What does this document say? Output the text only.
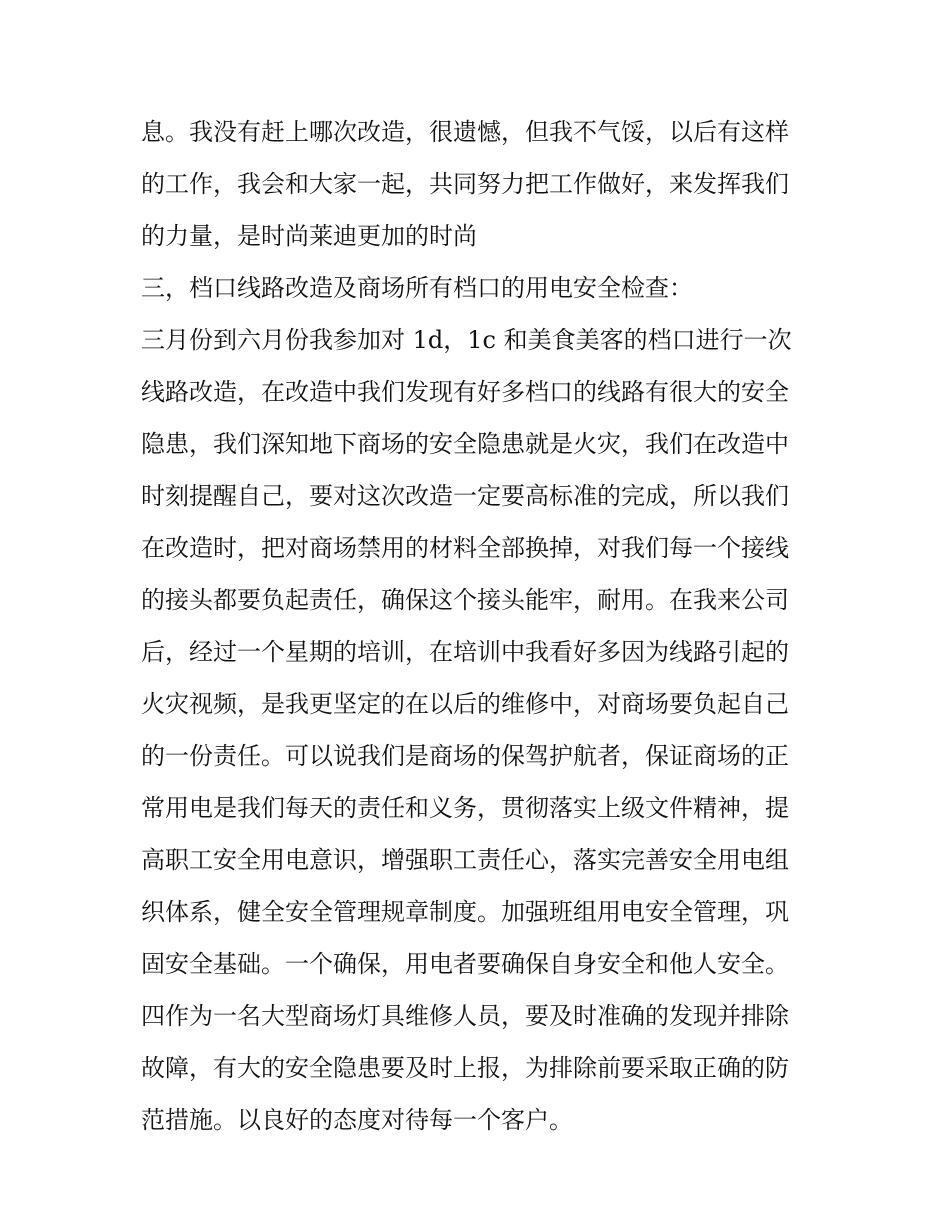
息。我没有赶上哪次改造，很遗憾，但我不气馁，以后有这样
的工作，我会和大家一起，共同努力把工作做好，来发挥我们
的力量，是时尚莱迪更加的时尚
三，档口线路改造及商场所有档口的用电安全检查：
三月份到六月份我参加对 1d，1c 和美食美客的档口进行一次
线路改造，在改造中我们发现有好多档口的线路有很大的安全
隐患，我们深知地下商场的安全隐患就是火灾，我们在改造中
时刻提醒自己，要对这次改造一定要高标准的完成，所以我们
在改造时，把对商场禁用的材料全部换掉，对我们每一个接线
的接头都要负起责任，确保这个接头能牢，耐用。在我来公司
后，经过一个星期的培训，在培训中我看好多因为线路引起的
火灾视频，是我更坚定的在以后的维修中，对商场要负起自己
的一份责任。可以说我们是商场的保驾护航者，保证商场的正
常用电是我们每天的责任和义务，贯彻落实上级文件精神，提
高职工安全用电意识，增强职工责任心，落实完善安全用电组
织体系，健全安全管理规章制度。加强班组用电安全管理，巩
固安全基础。一个确保，用电者要确保自身安全和他人安全。
四作为一名大型商场灯具维修人员，要及时准确的发现并排除
故障，有大的安全隐患要及时上报，为排除前要采取正确的防
范措施。以良好的态度对待每一个客户。
